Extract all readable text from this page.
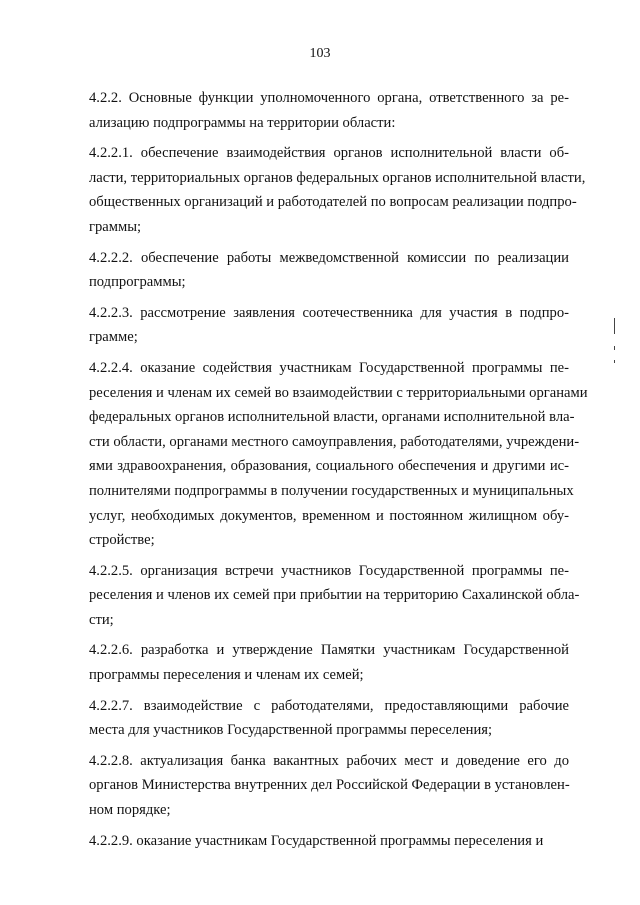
103

4.2.2. Основные функции уполномоченного органа, ответственного за ре-
ализацию подпрограммы на территории области:

4.2.2.1. обеспечение взаимодействия органов исполнительной власти об-
ласти, территориальных органов федеральных органов исполнительной власти,
общественных организаций и работодателей по вопросам реализации подпро-
граммы;

4.2.2.2. обеспечение работы межведомственной комиссии по реализации
подпрограммы;

4.2.2.3. рассмотрение заявления соотечественника для участия в подпро-
грамме;

4.2.2.4. оказание содействия участникам Государственной программы пе-
реселения и членам их семей во взаимодействии с территориальными органами
федеральных органов исполнительной власти, органами исполнительной вла-
сти области, органами местного самоуправления, работодателями, учреждени-
ями здравоохранения, образования, социального обеспечения и другими ис-
полнителями подпрограммы в получении государственных и муниципальных
услуг, необходимых документов, временном и постоянном жилищном обу-
стройстве;

4.2.2.5. организация встречи участников Государственной программы пе-
реселения и членов их семей при прибытии на территорию Сахалинской обла-
сти;

4.2.2.6. разработка и утверждение Памятки участникам Государственной
программы переселения и членам их семей;

4.2.2.7. взаимодействие с работодателями, предоставляющими рабочие
места для участников Государственной программы переселения;

4.2.2.8. актуализация банка вакантных рабочих мест и доведение его до
органов Министерства внутренних дел Российской Федерации в установлен-
ном порядке;

4.2.2.9. оказание участникам Государственной программы переселения и
